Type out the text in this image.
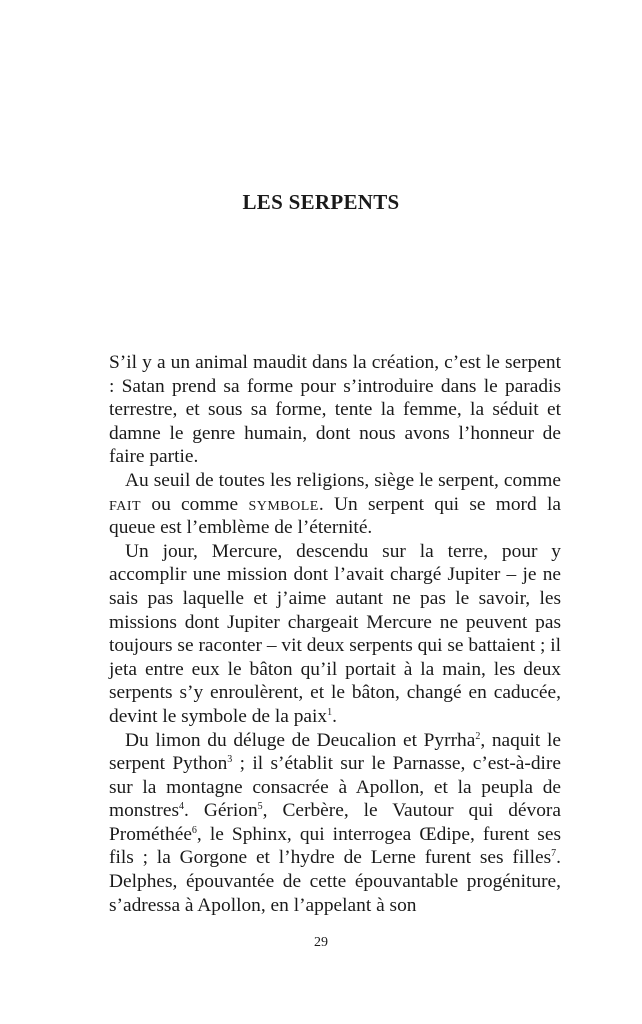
LES SERPENTS

S’il y a un animal maudit dans la création, c’est le serpent : Satan prend sa forme pour s’introduire dans le paradis terrestre, et sous sa forme, tente la femme, la séduit et damne le genre humain, dont nous avons l’honneur de faire partie.

Au seuil de toutes les religions, siège le serpent, comme fait ou comme symbole. Un serpent qui se mord la queue est l’emblème de l’éternité.

Un jour, Mercure, descendu sur la terre, pour y accomplir une mission dont l’avait chargé Jupiter – je ne sais pas laquelle et j’aime autant ne pas le savoir, les missions dont Jupiter chargeait Mercure ne peuvent pas toujours se raconter – vit deux serpents qui se battaient ; il jeta entre eux le bâton qu’il portait à la main, les deux serpents s’y enroulèrent, et le bâton, changé en caducée, devint le symbole de la paix$^1$.

Du limon du déluge de Deucalion et Pyrrha$^2$, naquit le serpent Python$^3$ ; il s’établit sur le Parnasse, c’est-à-dire sur la montagne consacrée à Apollon, et la peupla de monstres$^4$. Gérion$^5$, Cerbère, le Vautour qui dévora Prométhée$^6$, le Sphinx, qui interrogea Œdipe, furent ses fils ; la Gorgone et l’hydre de Lerne furent ses filles$^7$. Delphes, épouvantée de cette épouvantable progéniture, s’adressa à Apollon, en l’appelant à son

29
